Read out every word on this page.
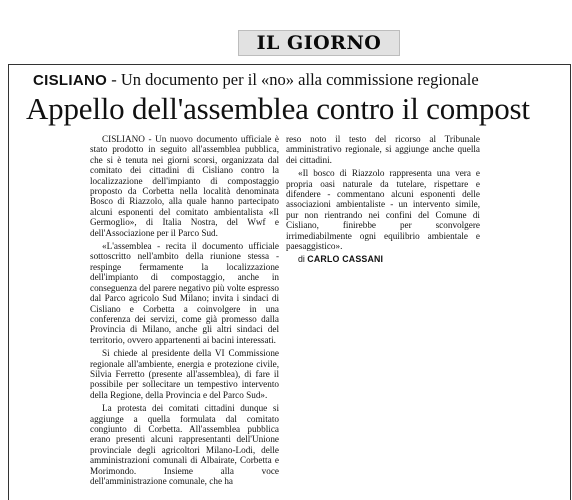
IL GIORNO
CISLIANO - Un documento per il «no» alla commissione regionale
Appello dell'assemblea contro il compost

CISLIANO - Un nuovo documento ufficiale è stato prodotto in seguito all'assemblea pubblica, che si è tenuta nei giorni scorsi, organizzata dal comitato dei cittadini di Cisliano contro la localizzazione dell'impianto di compostaggio proposto da Corbetta nella località denominata Bosco di Riazzolo, alla quale hanno partecipato alcuni esponenti del comitato ambientalista «Il Germoglio», di Italia Nostra, del Wwf e dell'Associazione per il Parco Sud.

«L'assemblea - recita il documento ufficiale sottoscritto nell'ambito della riunione stessa - respinge fermamente la localizzazione dell'impianto di compostaggio, anche in conseguenza del parere negativo più volte espresso dal Parco agricolo Sud Milano; invita i sindaci di Cisliano e Corbetta a coinvolgere in una conferenza dei servizi, come già promesso dalla Provincia di Milano, anche gli altri sindaci del territorio, ovvero appartenenti ai bacini interessati.

Si chiede al presidente della VI Commissione regionale all'ambiente, energia e protezione civile, Silvia Ferretto (presente all'assemblea), di fare il possibile per sollecitare un tempestivo intervento della Regione, della Provincia e del Parco Sud».

La protesta dei comitati cittadini dunque si aggiunge a quella formulata dal comitato congiunto di Corbetta. All'assemblea pubblica erano presenti alcuni rappresentanti dell'Unione provinciale degli agricoltori Milano-Lodi, delle amministrazioni comunali di Albairate, Corbetta e Morimondo. Insieme alla voce dell'amministrazione comunale, che ha

reso noto il testo del ricorso al Tribunale amministrativo regionale, si aggiunge anche quella dei cittadini.

«Il bosco di Riazzolo rappresenta una vera e propria oasi naturale da tutelare, rispettare e difendere - commentano alcuni esponenti delle associazioni ambientaliste - un intervento simile, pur non rientrando nei confini del Comune di Cisliano, finirebbe per sconvolgere irrimediabilmente ogni equilibrio ambientale e paesaggistico».

di CARLO CASSANI
